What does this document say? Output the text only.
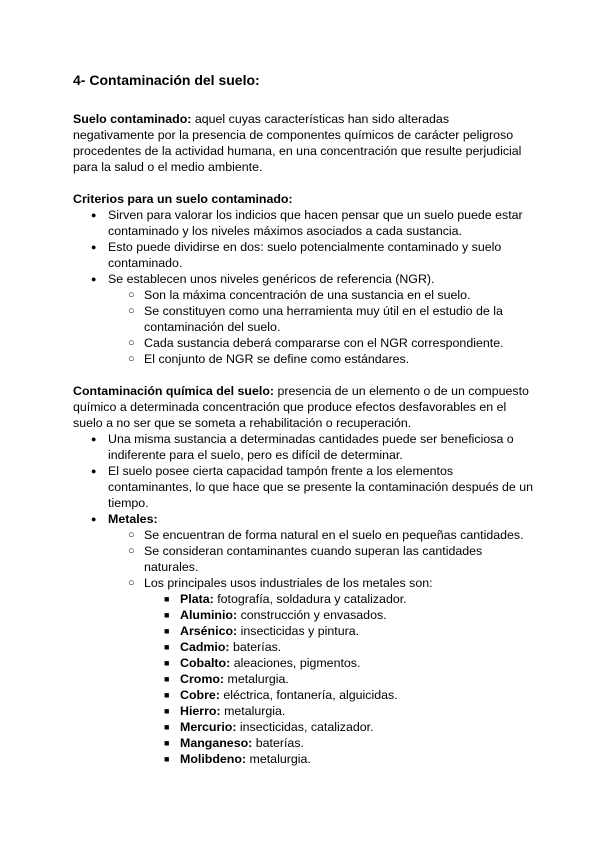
4- Contaminación del suelo:

Suelo contaminado: aquel cuyas características han sido alteradas negativamente por la presencia de componentes químicos de carácter peligroso procedentes de la actividad humana, en una concentración que resulte perjudicial para la salud o el medio ambiente.

Criterios para un suelo contaminado:

● Sirven para valorar los indicios que hacen pensar que un suelo puede estar contaminado y los niveles máximos asociados a cada sustancia.
● Esto puede dividirse en dos: suelo potencialmente contaminado y suelo contaminado.
● Se establecen unos niveles genéricos de referencia (NGR).
○ Son la máxima concentración de una sustancia en el suelo.
○ Se constituyen como una herramienta muy útil en el estudio de la contaminación del suelo.
○ Cada sustancia deberá compararse con el NGR correspondiente.
○ El conjunto de NGR se define como estándares.

Contaminación química del suelo: presencia de un elemento o de un compuesto químico a determinada concentración que produce efectos desfavorables en el suelo a no ser que se someta a rehabilitación o recuperación.

● Una misma sustancia a determinadas cantidades puede ser beneficiosa o indiferente para el suelo, pero es difícil de determinar.
● El suelo posee cierta capacidad tampón frente a los elementos contaminantes, lo que hace que se presente la contaminación después de un tiempo.
● Metales:
○ Se encuentran de forma natural en el suelo en pequeñas cantidades.
○ Se consideran contaminantes cuando superan las cantidades naturales.
○ Los principales usos industriales de los metales son:
■ Plata: fotografía, soldadura y catalizador.
■ Aluminio: construcción y envasados.
■ Arsénico: insecticidas y pintura.
■ Cadmio: baterías.
■ Cobalto: aleaciones, pigmentos.
■ Cromo: metalurgia.
■ Cobre: eléctrica, fontanería, alguicidas.
■ Hierro: metalurgia.
■ Mercurio: insecticidas, catalizador.
■ Manganeso: baterías.
■ Molibdeno: metalurgia.
